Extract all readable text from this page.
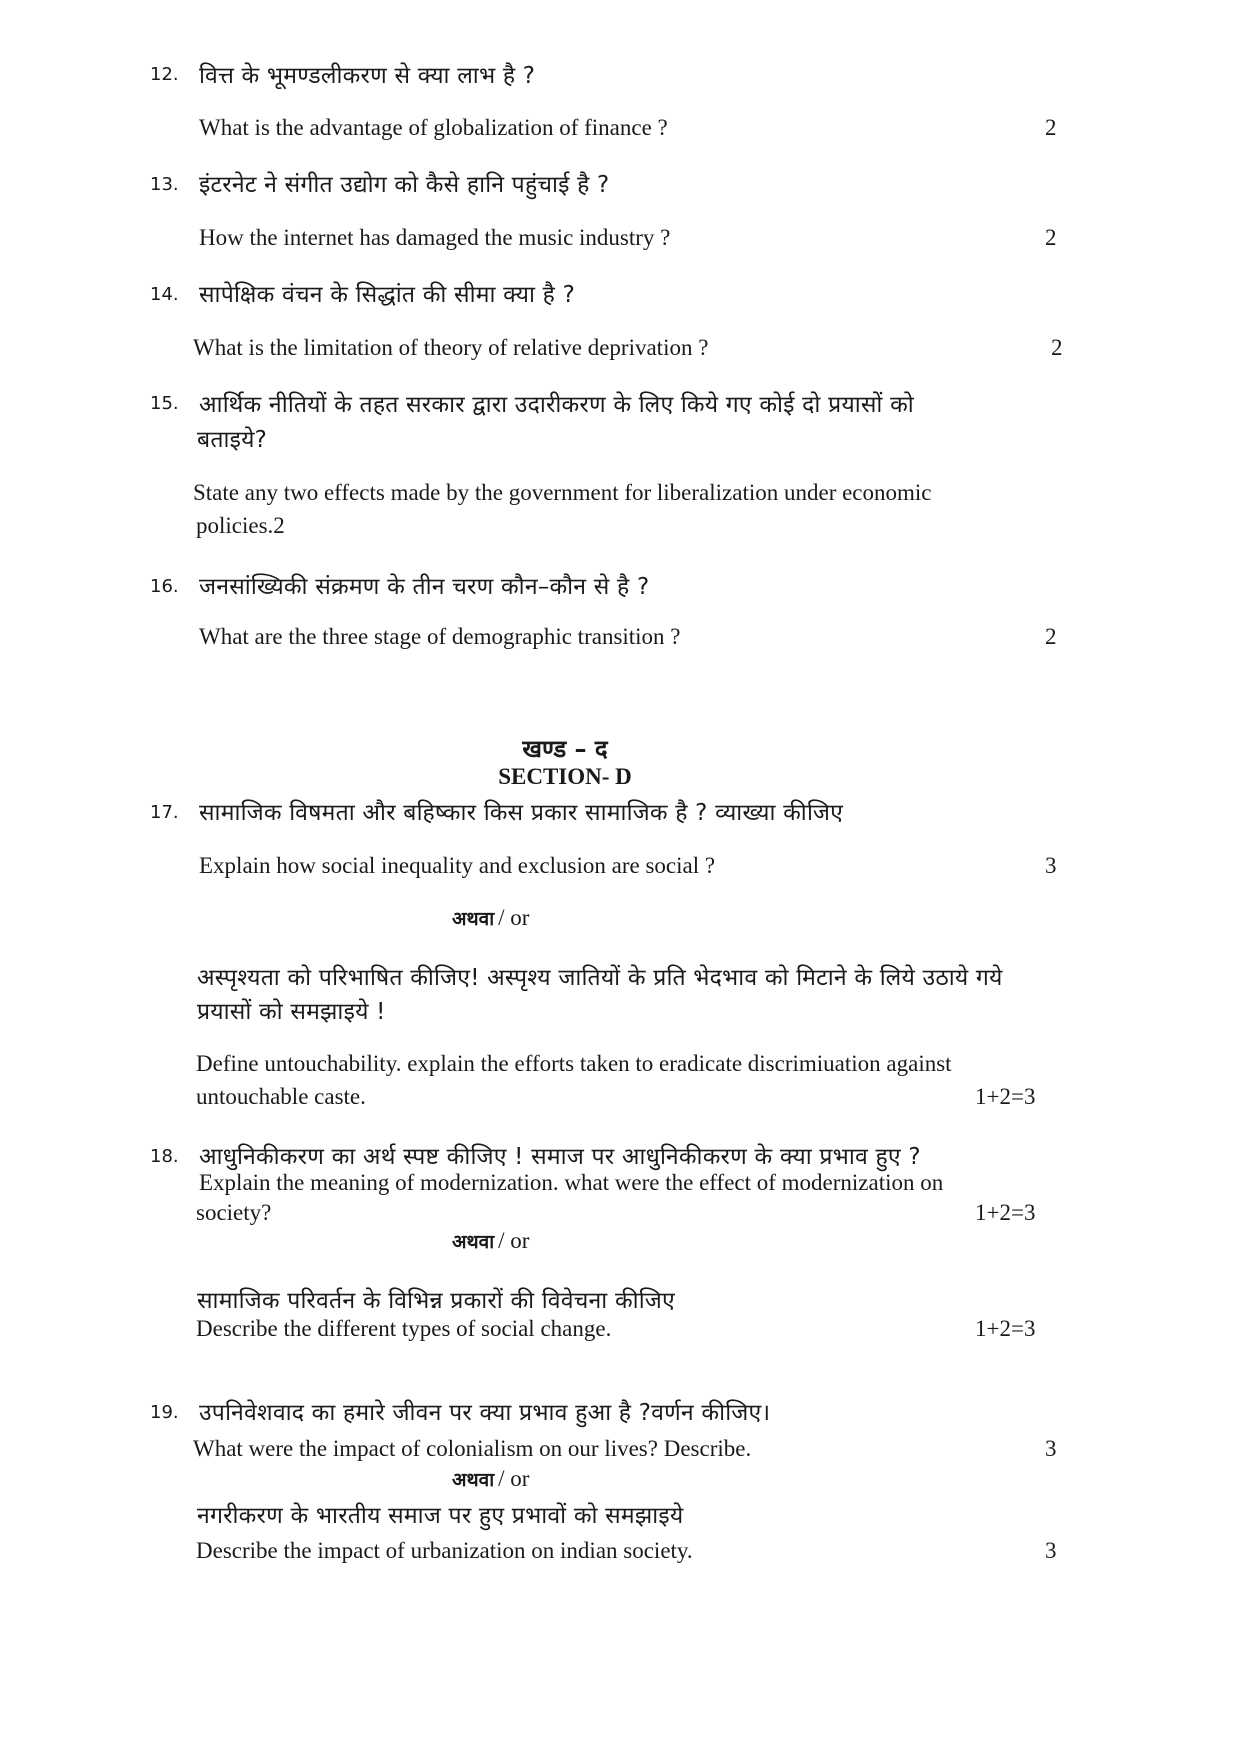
12. वित्त के भूमण्डलीकरण से क्या लाभ है ?
What is the advantage of globalization of finance ?	2
13. इंटरनेट ने संगीत उद्योग को कैसे हानि पहुंचाई है ?
How the internet has damaged the music industry ?	2
14. सापेक्षिक वंचन के सिद्धांत की सीमा क्या है ?
What is the limitation of theory of relative deprivation ?	2
15. आर्थिक नीतियों के तहत सरकार द्वारा उदारीकरण के लिए किये गए कोई दो प्रयासों को
बताइये?
State any two effects made by the government for liberalization under economic
policies.2
16. जनसांख्यिकी संक्रमण के तीन चरण कौन–कौन से है ?
What are the three stage of demographic transition ?	2
खण्ड – द
SECTION- D
17. सामाजिक विषमता और बहिष्कार किस प्रकार सामाजिक है ? व्याख्या कीजिए
Explain how social inequality and exclusion are social ?	3
अथवा / or
अस्पृश्यता को परिभाषित कीजिए! अस्पृश्य जातियों के प्रति भेदभाव को मिटाने के लिये उठाये गये
प्रयासों को समझाइये !
Define untouchability. explain the efforts taken to eradicate discrimiuation against
untouchable caste.	1+2=3
18. आधुनिकीकरण का अर्थ स्पष्ट कीजिए ! समाज पर आधुनिकीकरण के क्या प्रभाव हुए ?
Explain the meaning of modernization. what were the effect of modernization on
society?	1+2=3
अथवा / or
सामाजिक परिवर्तन के विभिन्न प्रकारों की विवेचना कीजिए
Describe the different types of social change.	1+2=3
19. उपनिवेशवाद का हमारे जीवन पर क्या प्रभाव हुआ है ?वर्णन कीजिए।
What were the impact of colonialism on our lives? Describe.	3
अथवा / or
नगरीकरण के भारतीय समाज पर हुए प्रभावों को समझाइये
Describe the impact of urbanization on indian society.	3
